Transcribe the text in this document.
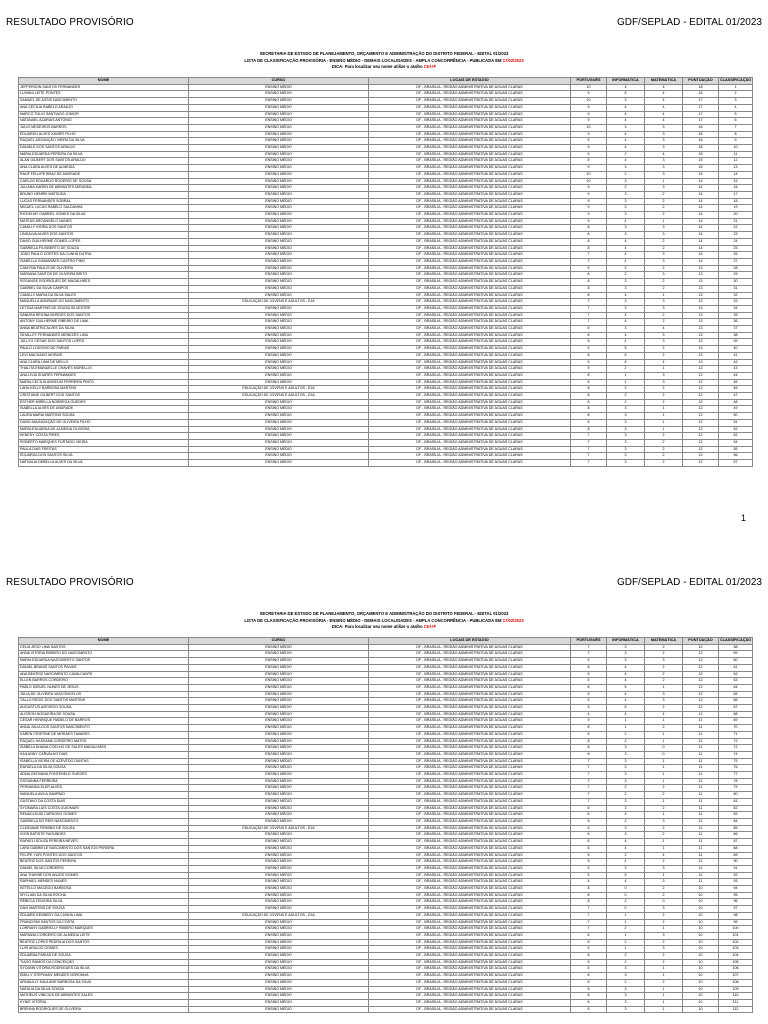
RESULTADO PROVISÓRIO	GDF/SEPLAD - EDITAL 01/2023
SECRETARIA DE ESTADO DE PLANEJAMENTO, ORÇAMENTO E ADMINISTRAÇÃO DO DISTRITO FEDERAL - EDITAL 01/2023
LISTA DE CLASSIFICAÇÃO PROVISÓRIA - ENSINO MÉDIO - DEMAIS LOCALIDADES - AMPLA CONCORRÊNCIA - PUBLICADA EM 17/02/2023
DICA: Para localizar seu nome utilize o atalho Ctrl+F
NOME	CURSO	LOCAIS DE ESTAGIO	PORTUGUÊS	INFORMÁTICA	MATEMÁTICA	PONTUAÇÃO	CLASSIFICAÇÃO
JEFFERSON SANTOS FERNANDES	ENSINO MÉDIO	DF - BRASÍLIA - REGIÃO ADMINISTRATIVA DE ÁGUAS CLARAS	10	4	4	18	1
LUIVANI LEITE PONTES	ENSINO MÉDIO	DF - BRASÍLIA - REGIÃO ADMINISTRATIVA DE ÁGUAS CLARAS	9	5	4	18	2
SAMUEL DE ASSIS NASCIMENTO	ENSINO MÉDIO	DF - BRASÍLIA - REGIÃO ADMINISTRATIVA DE ÁGUAS CLARAS	10	3	4	17	3
ANA CECÍLIA RABELO ARAÚJO	ENSINO MÉDIO	DF - BRASÍLIA - REGIÃO ADMINISTRATIVA DE ÁGUAS CLARAS	9	4	4	17	4
MARCO TÚLIO SANTIAGO JÚNIOR	ENSINO MÉDIO	DF - BRASÍLIA - REGIÃO ADMINISTRATIVA DE ÁGUAS CLARAS	9	4	4	17	5
NATANAEL AZARIAS ANTÔNIO	ENSINO MÉDIO	DF - BRASÍLIA - REGIÃO ADMINISTRATIVA DE ÁGUAS CLARAS	9	4	4	17	6
JULIO MEDEIROS BARROS	ENSINO MÉDIO	DF - BRASÍLIA - REGIÃO ADMINISTRATIVA DE ÁGUAS CLARAS	10	3	3	16	7
EDUARDO ALVES XAVIER FILHO	ENSINO MÉDIO	DF - BRASÍLIA - REGIÃO ADMINISTRATIVA DE ÁGUAS CLARAS	9	4	3	16	8
RAQUEL ASSUNÇÃO VIEIRA DA SILVA	ENSINO MÉDIO	DF - BRASÍLIA - REGIÃO ADMINISTRATIVA DE ÁGUAS CLARAS	9	4	3	16	9
DANIELE DOS SANTOS ARAÚJO	ENSINO MÉDIO	DF - BRASÍLIA - REGIÃO ADMINISTRATIVA DE ÁGUAS CLARAS	9	4	3	16	10
MARIA EDUARDA PEREIRA DA SILVA	ENSINO MÉDIO	DF - BRASÍLIA - REGIÃO ADMINISTRATIVA DE ÁGUAS CLARAS	9	2	4	15	11
ALAN GILBERT DOS SANTOS ARAÚJO	ENSINO MÉDIO	DF - BRASÍLIA - REGIÃO ADMINISTRATIVA DE ÁGUAS CLARAS	8	4	3	15	12
ANA CLARA ALVES DE ALMEIDA	ENSINO MÉDIO	DF - BRASÍLIA - REGIÃO ADMINISTRATIVA DE ÁGUAS CLARAS	9	3	3	15	13
RAUF FELLIPE BRAZ DE ANDRADE	ENSINO MÉDIO	DF - BRASÍLIA - REGIÃO ADMINISTRATIVA DE ÁGUAS CLARAS	10	2	3	15	14
CARLOS EDUARDO ROGÉRIO DE SOUSA	ENSINO MÉDIO	DF - BRASÍLIA - REGIÃO ADMINISTRATIVA DE ÁGUAS CLARAS	10	3	1	14	15
JULIANA KAREN DE ABRANTES MIRANDA	ENSINO MÉDIO	DF - BRASÍLIA - REGIÃO ADMINISTRATIVA DE ÁGUAS CLARAS	9	2	3	14	16
BRUNO HENRIK MATSUDA	ENSINO MÉDIO	DF - BRASÍLIA - REGIÃO ADMINISTRATIVA DE ÁGUAS CLARAS	9	3	2	14	17
LUCAS FERNANDES SOBRAL	ENSINO MÉDIO	DF - BRASÍLIA - REGIÃO ADMINISTRATIVA DE ÁGUAS CLARAS	9	3	2	14	18
MIGUEL LUCAS RABELO SALDANHA	ENSINO MÉDIO	DF - BRASÍLIA - REGIÃO ADMINISTRATIVA DE ÁGUAS CLARAS	9	3	2	14	19
RICKELMY GABRIEL GOMES DA SILVA	ENSINO MÉDIO	DF - BRASÍLIA - REGIÃO ADMINISTRATIVA DE ÁGUAS CLARAS	9	3	2	14	20
MATEUS ARCÂNGELO NUNES	ENSINO MÉDIO	DF - BRASÍLIA - REGIÃO ADMINISTRATIVA DE ÁGUAS CLARAS	9	4	1	14	21
CAMILLY VIEIRA DOS SANTOS	ENSINO MÉDIO	DF - BRASÍLIA - REGIÃO ADMINISTRATIVA DE ÁGUAS CLARAS	8	3	3	14	22
LINDALVA ALVES DOS SANTOS	ENSINO MÉDIO	DF - BRASÍLIA - REGIÃO ADMINISTRATIVA DE ÁGUAS CLARAS	8	3	3	14	23
DAVID GUILHERME GOMES LOPES	ENSINO MÉDIO	DF - BRASÍLIA - REGIÃO ADMINISTRATIVA DE ÁGUAS CLARAS	8	4	2	14	24
GABRIELA FILISBERTO DE SOUZA	ENSINO MÉDIO	DF - BRASÍLIA - REGIÃO ADMINISTRATIVA DE ÁGUAS CLARAS	8	4	2	14	25
JOÃO PAULO CORTES DA CUNHA DUTRA	ENSINO MÉDIO	DF - BRASÍLIA - REGIÃO ADMINISTRATIVA DE ÁGUAS CLARAS	7	4	3	14	26
ISABELLA GUIMARÃES CASTRO PINO	ENSINO MÉDIO	DF - BRASÍLIA - REGIÃO ADMINISTRATIVA DE ÁGUAS CLARAS	7	4	3	14	27
CAMYSIA PAULIS DE OLIVEIRA	ENSINO MÉDIO	DF - BRASÍLIA - REGIÃO ADMINISTRATIVA DE ÁGUAS CLARAS	9	2	2	13	28
MARIANA SANTOS DE OLIVEIRA BRITO	ENSINO MÉDIO	DF - BRASÍLIA - REGIÃO ADMINISTRATIVA DE ÁGUAS CLARAS	8	2	3	13	29
ROSANGE RODRIGUES DE MAGALHÃES	ENSINO MÉDIO	DF - BRASÍLIA - REGIÃO ADMINISTRATIVA DE ÁGUAS CLARAS	8	3	2	13	30
GABRIEL DA SILVA CAMPOS	ENSINO MÉDIO	DF - BRASÍLIA - REGIÃO ADMINISTRATIVA DE ÁGUAS CLARAS	8	3	2	13	31
CAMILLY MARIA DA SILVA SALES	ENSINO MÉDIO	DF - BRASÍLIA - REGIÃO ADMINISTRATIVA DE ÁGUAS CLARAS	8	4	1	13	32
MANUELLA ANDRADE DO NASCIMENTO	EDUCAÇÃO DE JOVENS E ADULTOS - EJA	DF - BRASÍLIA - REGIÃO ADMINISTRATIVA DE ÁGUAS CLARAS	7	3	3	13	33
LETÍCIA MARTINS DE SOUSA SILVESTRE	ENSINO MÉDIO	DF - BRASÍLIA - REGIÃO ADMINISTRATIVA DE ÁGUAS CLARAS	7	3	3	13	34
SANDRA REGINA BORGES DOS SANTOS	ENSINO MÉDIO	DF - BRASÍLIA - REGIÃO ADMINISTRATIVA DE ÁGUAS CLARAS	7	4	2	13	35
ANTONY GUILHERME RIBEIRO DE LIMA	ENSINO MÉDIO	DF - BRASÍLIA - REGIÃO ADMINISTRATIVA DE ÁGUAS CLARAS	7	4	2	13	36
ANNA BEATRIZ ALVES DA SILVA	ENSINO MÉDIO	DF - BRASÍLIA - REGIÃO ADMINISTRATIVA DE ÁGUAS CLARAS	6	3	4	13	37
ISHALLEY FERNANDES MENEZES LIMA	ENSINO MÉDIO	DF - BRASÍLIA - REGIÃO ADMINISTRATIVA DE ÁGUAS CLARAS	6	4	3	13	38
JULLYO CESAR DOS SANTOS LOPES	ENSINO MÉDIO	DF - BRASÍLIA - REGIÃO ADMINISTRATIVA DE ÁGUAS CLARAS	6	4	3	13	39
PAULO LOUGINO DE FARIAS	ENSINO MÉDIO	DF - BRASÍLIA - REGIÃO ADMINISTRATIVA DE ÁGUAS CLARAS	6	5	2	13	40
LEVI MACHADO MORAIS	ENSINO MÉDIO	DF - BRASÍLIA - REGIÃO ADMINISTRATIVA DE ÁGUAS CLARAS	6	5	2	13	41
ANA CLARA LIMA DE MELLO	ENSINO MÉDIO	DF - BRASÍLIA - REGIÃO ADMINISTRATIVA DE ÁGUAS CLARAS	5	4	4	13	42
THALITA EMANUELLE CHAVES MORELLIS	ENSINO MÉDIO	DF - BRASÍLIA - REGIÃO ADMINISTRATIVA DE ÁGUAS CLARAS	9	2	1	12	43
ANA LÍVIA SOARES FERNANDES	ENSINO MÉDIO	DF - BRASÍLIA - REGIÃO ADMINISTRATIVA DE ÁGUAS CLARAS	8	1	3	12	44
MARIA CECÍLIA ANGELIM FERREIRA PINTO	ENSINO MÉDIO	DF - BRASÍLIA - REGIÃO ADMINISTRATIVA DE ÁGUAS CLARAS	8	1	3	12	45
LARA KELLY BARBOSA MARTINS	EDUCAÇÃO DE JOVENS E ADULTOS - EJA	DF - BRASÍLIA - REGIÃO ADMINISTRATIVA DE ÁGUAS CLARAS	8	2	2	12	46
CRISTIANE GILBERT DOS SANTOS	EDUCAÇÃO DE JOVENS E ADULTOS - EJA	DF - BRASÍLIA - REGIÃO ADMINISTRATIVA DE ÁGUAS CLARAS	8	2	2	12	47
ESTHER MIRELLA NOBREGA GUEDES	ENSINO MÉDIO	DF - BRASÍLIA - REGIÃO ADMINISTRATIVA DE ÁGUAS CLARAS	8	2	2	12	48
ISABELLA ALVES DE ANDRADE	ENSINO MÉDIO	DF - BRASÍLIA - REGIÃO ADMINISTRATIVA DE ÁGUAS CLARAS	8	3	1	12	49
LAURA MARIA MARTINS SOUSA	ENSINO MÉDIO	DF - BRASÍLIA - REGIÃO ADMINISTRATIVA DE ÁGUAS CLARAS	8	3	1	12	50
DAVID ANUNCIAÇÃO DE OLIVEIRA FILHO	ENSINO MÉDIO	DF - BRASÍLIA - REGIÃO ADMINISTRATIVA DE ÁGUAS CLARAS	8	3	1	12	51
MARIA EDUARDA DE ALMEIDA OLIVEIRA	ENSINO MÉDIO	DF - BRASÍLIA - REGIÃO ADMINISTRATIVA DE ÁGUAS CLARAS	8	3	1	12	52
KENEDY COSTA PIRES	ENSINO MÉDIO	DF - BRASÍLIA - REGIÃO ADMINISTRATIVA DE ÁGUAS CLARAS	7	3	2	12	53
ROBERTO MARQUES FURTADO VIEIRA	ENSINO MÉDIO	DF - BRASÍLIA - REGIÃO ADMINISTRATIVA DE ÁGUAS CLARAS	7	3	2	12	54
PAULA DIAS FREITAS	ENSINO MÉDIO	DF - BRASÍLIA - REGIÃO ADMINISTRATIVA DE ÁGUAS CLARAS	7	3	2	12	55
EDUARDA DOS SANTOS SILVA	ENSINO MÉDIO	DF - BRASÍLIA - REGIÃO ADMINISTRATIVA DE ÁGUAS CLARAS	7	3	2	12	56
NATHALIA DEBELLA ALVES DA SILVA	ENSINO MÉDIO	DF - BRASÍLIA - REGIÃO ADMINISTRATIVA DE ÁGUAS CLARAS	7	3	2	12	57
1
RESULTADO PROVISÓRIO	GDF/SEPLAD - EDITAL 01/2023
SECRETARIA DE ESTADO DE PLANEJAMENTO, ORÇAMENTO E ADMINISTRAÇÃO DO DISTRITO FEDERAL - EDITAL 01/2023
LISTA DE CLASSIFICAÇÃO PROVISÓRIA - ENSINO MÉDIO - DEMAIS LOCALIDADES - AMPLA CONCORRÊNCIA - PUBLICADA EM 17/02/2023
DICA: Para localizar seu nome utilize o atalho Ctrl+F
NOME	CURSO	LOCAIS DE ESTAGIO	PORTUGUÊS	INFORMÁTICA	MATEMÁTICA	PONTUAÇÃO	CLASSIFICAÇÃO
CELIA JESO LIMA SANTOS	ENSINO MÉDIO	DF - BRASÍLIA - REGIÃO ADMINISTRATIVA DE ÁGUAS CLARAS	7	3	2	12	58
ANNA VITÓRIA RIBEIRO DO NASCIMENTO	ENSINO MÉDIO	DF - BRASÍLIA - REGIÃO ADMINISTRATIVA DE ÁGUAS CLARAS	7	3	2	12	59
MARIA EDUARDA NASCIMENTO SANTOS	ENSINO MÉDIO	DF - BRASÍLIA - REGIÃO ADMINISTRATIVA DE ÁGUAS CLARAS	6	3	3	12	60
DANIEL BRANIS SANTOS PAIVAS	ENSINO MÉDIO	DF - BRASÍLIA - REGIÃO ADMINISTRATIVA DE ÁGUAS CLARAS	6	4	2	12	61
ANA BEATRIZ NASCIMENTO CAVALCANTE	ENSINO MÉDIO	DF - BRASÍLIA - REGIÃO ADMINISTRATIVA DE ÁGUAS CLARAS	6	4	2	12	62
ELLEN BARROS CORDEIRO	ENSINO MÉDIO	DF - BRASÍLIA - REGIÃO ADMINISTRATIVA DE ÁGUAS CLARAS	6	4	2	12	63
PABLO MIGUEL NUNES DE JESUS	ENSINO MÉDIO	DF - BRASÍLIA - REGIÃO ADMINISTRATIVA DE ÁGUAS CLARAS	6	5	1	12	64
JÚLIA DE OLIVEIRA VASCONCELOS	ENSINO MÉDIO	DF - BRASÍLIA - REGIÃO ADMINISTRATIVA DE ÁGUAS CLARAS	5	4	3	12	65
TÁLLO REGIS DOS SANTOS MARTINS	ENSINO MÉDIO	DF - BRASÍLIA - REGIÃO ADMINISTRATIVA DE ÁGUAS CLARAS	5	4	3	12	66
AUGUSTUS AZEVEDO SOUSA	ENSINO MÉDIO	DF - BRASÍLIA - REGIÃO ADMINISTRATIVA DE ÁGUAS CLARAS	5	5	2	12	67
ALISSON NOGUEIRA DE SOUSA	ENSINO MÉDIO	DF - BRASÍLIA - REGIÃO ADMINISTRATIVA DE ÁGUAS CLARAS	4	4	4	12	68
CÉSAR HENRIQUE RABELO DE BARROS	ENSINO MÉDIO	DF - BRASÍLIA - REGIÃO ADMINISTRATIVA DE ÁGUAS CLARAS	9	1	1	11	69
ANNA JÚLIA DOS SANTOS NASCIMENTO	ENSINO MÉDIO	DF - BRASÍLIA - REGIÃO ADMINISTRATIVA DE ÁGUAS CLARAS	8	1	2	11	70
KAREN CRISTINE DE MORAES TAVARES	ENSINO MÉDIO	DF - BRASÍLIA - REGIÃO ADMINISTRATIVA DE ÁGUAS CLARAS	8	2	1	11	71
RAQUEL HASSANA CORDEIRO MATOS	ENSINO MÉDIO	DF - BRASÍLIA - REGIÃO ADMINISTRATIVA DE ÁGUAS CLARAS	8	2	1	11	72
ISABELA DHANA COELHO DE SALES MAGALHÃES	ENSINO MÉDIO	DF - BRASÍLIA - REGIÃO ADMINISTRATIVA DE ÁGUAS CLARAS	8	3	0	11	73
KAILANNY CARVALHO DIAS	ENSINO MÉDIO	DF - BRASÍLIA - REGIÃO ADMINISTRATIVA DE ÁGUAS CLARAS	8	3	0	11	74
ISABELLA VIEIRA DE AZEVEDO DANTAS	ENSINO MÉDIO	DF - BRASÍLIA - REGIÃO ADMINISTRATIVA DE ÁGUAS CLARAS	7	3	1	11	75
RAFAELA DA SILVA SOUSA	ENSINO MÉDIO	DF - BRASÍLIA - REGIÃO ADMINISTRATIVA DE ÁGUAS CLARAS	7	3	1	11	76
ADNA GEOVANA FONTENELE GUEDES	ENSINO MÉDIO	DF - BRASÍLIA - REGIÃO ADMINISTRATIVA DE ÁGUAS CLARAS	7	3	1	11	77
GIOVANNA FERREIRA	ENSINO MÉDIO	DF - BRASÍLIA - REGIÃO ADMINISTRATIVA DE ÁGUAS CLARAS	7	3	1	11	78
FERNANDA ELER ALVES	ENSINO MÉDIO	DF - BRASÍLIA - REGIÃO ADMINISTRATIVA DE ÁGUAS CLARAS	7	2	2	11	79
MANUELA AVILA SAMPAIO	ENSINO MÉDIO	DF - BRASÍLIA - REGIÃO ADMINISTRATIVA DE ÁGUAS CLARAS	7	2	2	11	80
GUSTAVO DA COSTA DIAS	ENSINO MÉDIO	DF - BRASÍLIA - REGIÃO ADMINISTRATIVA DE ÁGUAS CLARAS	7	3	1	11	81
SYOMARA LUIS COSTA GUIOMARI	ENSINO MÉDIO	DF - BRASÍLIA - REGIÃO ADMINISTRATIVA DE ÁGUAS CLARAS	6	3	2	11	82
RENACLEUDI CARDOSO GOMES	ENSINO MÉDIO	DF - BRASÍLIA - REGIÃO ADMINISTRATIVA DE ÁGUAS CLARAS	6	4	1	11	83
GABRIELA DO REIS NASCIMENTO	ENSINO MÉDIO	DF - BRASÍLIA - REGIÃO ADMINISTRATIVA DE ÁGUAS CLARAS	6	2	3	11	84
CLEIDIANE FIRMINO DE SOUSA	EDUCAÇÃO DE JOVENS E ADULTOS - EJA	DF - BRASÍLIA - REGIÃO ADMINISTRATIVA DE ÁGUAS CLARAS	6	3	2	11	85
IGOR BATISTE FAGUNDES	ENSINO MÉDIO	DF - BRASÍLIA - REGIÃO ADMINISTRATIVA DE ÁGUAS CLARAS	6	3	2	11	86
RAFAELI SOUZA PEREIRA NEVES	ENSINO MÉDIO	DF - BRASÍLIA - REGIÃO ADMINISTRATIVA DE ÁGUAS CLARAS	6	4	1	11	87
LARA GABRIELE NASCIMENTO DOS SANTOS PEREIRA	ENSINO MÉDIO	DF - BRASÍLIA - REGIÃO ADMINISTRATIVA DE ÁGUAS CLARAS	6	4	1	11	88
FELIPE YURI PONTES DOS SANTOS	ENSINO MÉDIO	DF - BRASÍLIA - REGIÃO ADMINISTRATIVA DE ÁGUAS CLARAS	5	2	4	11	89
BEATRIZ DOS SANTOS PEREIRA	ENSINO MÉDIO	DF - BRASÍLIA - REGIÃO ADMINISTRATIVA DE ÁGUAS CLARAS	5	4	2	11	90
DANIEL SILVA CORDEIRO	ENSINO MÉDIO	DF - BRASÍLIA - REGIÃO ADMINISTRATIVA DE ÁGUAS CLARAS	5	3	3	11	91
ANA THAYNÉ DOS ANJOS GOMES	ENSINO MÉDIO	DF - BRASÍLIA - REGIÃO ADMINISTRATIVA DE ÁGUAS CLARAS	5	5	1	11	92
RAPHAEL MENDES NUNES	ENSINO MÉDIO	DF - BRASÍLIA - REGIÃO ADMINISTRATIVA DE ÁGUAS CLARAS	4	4	3	11	93
KETELLO MACEDO BARBOSA	ENSINO MÉDIO	DF - BRASÍLIA - REGIÃO ADMINISTRATIVA DE ÁGUAS CLARAS	8	0	2	10	94
WYLLIAN DA SILVA ROCHA	ENSINO MÉDIO	DF - BRASÍLIA - REGIÃO ADMINISTRATIVA DE ÁGUAS CLARAS	8	0	2	10	95
RÉBECA TEIXEIRA SILVA	ENSINO MÉDIO	DF - BRASÍLIA - REGIÃO ADMINISTRATIVA DE ÁGUAS CLARAS	8	2	0	10	96
DAVI MARTINS DE SOUSA	ENSINO MÉDIO	DF - BRASÍLIA - REGIÃO ADMINISTRATIVA DE ÁGUAS CLARAS	7	0	3	10	97
EDUARD KENNEDY DA CUNHA LIMA	EDUCAÇÃO DE JOVENS E ADULTOS - EJA	DF - BRASÍLIA - REGIÃO ADMINISTRATIVA DE ÁGUAS CLARAS	7	1	2	10	98
FRANCISMI SANTOS DA COSTA	ENSINO MÉDIO	DF - BRASÍLIA - REGIÃO ADMINISTRATIVA DE ÁGUAS CLARAS	7	1	2	10	99
LORRANY GABRIELLY RIBEIRO MARQUES	ENSINO MÉDIO	DF - BRASÍLIA - REGIÃO ADMINISTRATIVA DE ÁGUAS CLARAS	7	2	1	10	100
MARIANA CORDEIRO DE ALMEIDA LEITE	ENSINO MÉDIO	DF - BRASÍLIA - REGIÃO ADMINISTRATIVA DE ÁGUAS CLARAS	6	1	3	10	101
BEATRIZ LOPES PEDRILIA DOS SANTOS	ENSINO MÉDIO	DF - BRASÍLIA - REGIÃO ADMINISTRATIVA DE ÁGUAS CLARAS	6	2	2	10	102
LUÍS ARAÚJO GOMES	ENSINO MÉDIO	DF - BRASÍLIA - REGIÃO ADMINISTRATIVA DE ÁGUAS CLARAS	6	1	3	10	103
EDUARDA FARIAS DE SOUSA	ENSINO MÉDIO	DF - BRASÍLIA - REGIÃO ADMINISTRATIVA DE ÁGUAS CLARAS	6	2	2	10	104
TÍAGO RAMOS DA CONCEIÇÃO	ENSINO MÉDIO	DF - BRASÍLIA - REGIÃO ADMINISTRATIVA DE ÁGUAS CLARAS	6	2	2	10	105
SYOANN VITÓRIA RODRIGUES DA SILVA	ENSINO MÉDIO	DF - BRASÍLIA - REGIÃO ADMINISTRATIVA DE ÁGUAS CLARAS	6	3	1	10	106
EMILLY STEPHANY MENDES NORONHA	ENSINO MÉDIO	DF - BRASÍLIA - REGIÃO ADMINISTRATIVA DE ÁGUAS CLARAS	6	3	1	10	107
ARNAULLY KAULANE BARBOSA DA SILVA	ENSINO MÉDIO	DF - BRASÍLIA - REGIÃO ADMINISTRATIVA DE ÁGUAS CLARAS	6	2	2	10	108
NATALIA DA SILVA SOUSA	ENSINO MÉDIO	DF - BRASÍLIA - REGIÃO ADMINISTRATIVA DE ÁGUAS CLARAS	6	3	1	10	109
MATHEUS VINICIUS DE ABRANTES SALES	ENSINO MÉDIO	DF - BRASÍLIA - REGIÃO ADMINISTRATIVA DE ÁGUAS CLARAS	6	3	1	10	110
KYNIE VITÓRIA	ENSINO MÉDIO	DF - BRASÍLIA - REGIÃO ADMINISTRATIVA DE ÁGUAS CLARAS	6	3	1	10	111
BRENNA RODRIGUES DE OLIVEIRA	ENSINO MÉDIO	DF - BRASÍLIA - REGIÃO ADMINISTRATIVA DE ÁGUAS CLARAS	6	3	1	10	112
